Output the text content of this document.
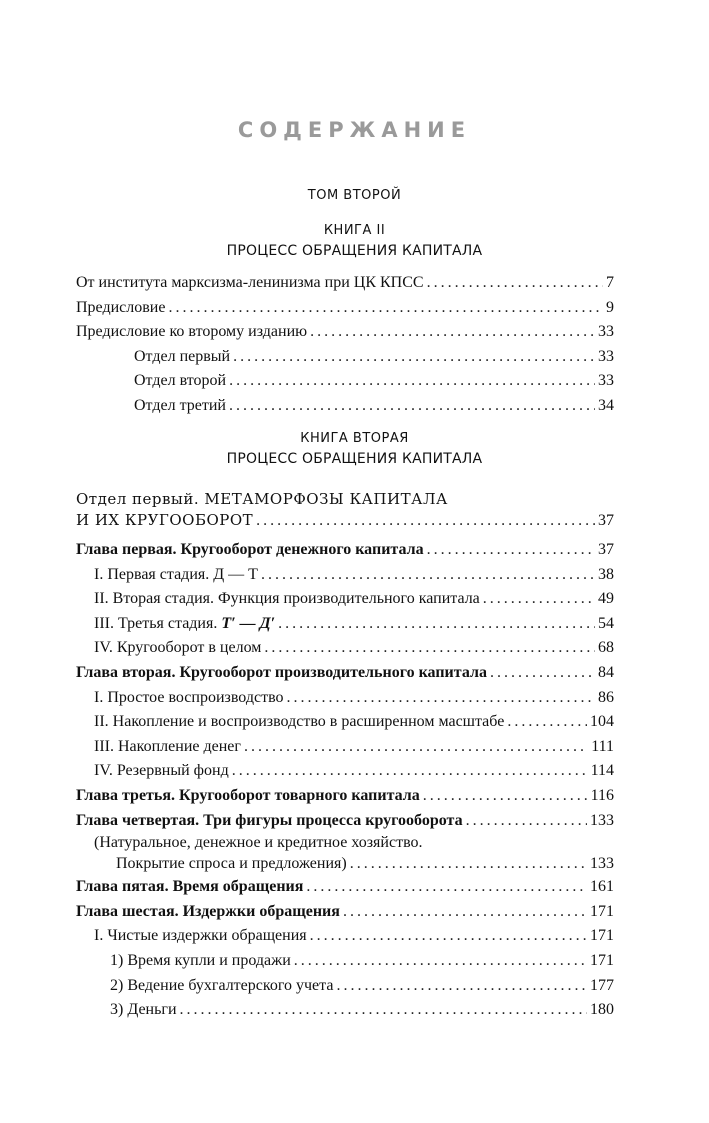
СОДЕРЖАНИЕ
ТОМ ВТОРОЙ
КНИГА II
ПРОЦЕСС ОБРАЩЕНИЯ КАПИТАЛА
От института марксизма-ленинизма при ЦК КПСС . . .	7
Предисловие . . .	9
Предисловие ко второму изданию . . .	33
Отдел первый . . .	33
Отдел второй . . .	33
Отдел третий . . .	34
КНИГА ВТОРАЯ
ПРОЦЕСС ОБРАЩЕНИЯ КАПИТАЛА
Отдел первый. МЕТАМОРФОЗЫ КАПИТАЛА
И ИХ КРУГООБОРОТ . . .	37
Глава первая. Кругооборот денежного капитала . . .	37
I. Первая стадия. Д — Т . . .	38
II. Вторая стадия. Функция производительного капитала . . .	49
III. Третья стадия. Т′ — Д′ . . .	54
IV. Кругооборот в целом . . .	68
Глава вторая. Кругооборот производительного капитала . . .	84
I. Простое воспроизводство . . .	86
II. Накопление и воспроизводство в расширенном масштабе . . .	104
III. Накопление денег . . .	111
IV. Резервный фонд . . .	114
Глава третья. Кругооборот товарного капитала . . .	116
Глава четвертая. Три фигуры процесса кругооборота . . .	133
(Натуральное, денежное и кредитное хозяйство.
Покрытие спроса и предложения) . . .	133
Глава пятая. Время обращения . . .	161
Глава шестая. Издержки обращения . . .	171
I. Чистые издержки обращения . . .	171
1) Время купли и продажи . . .	171
2) Ведение бухгалтерского учета . . .	177
3) Деньги . . .	180
